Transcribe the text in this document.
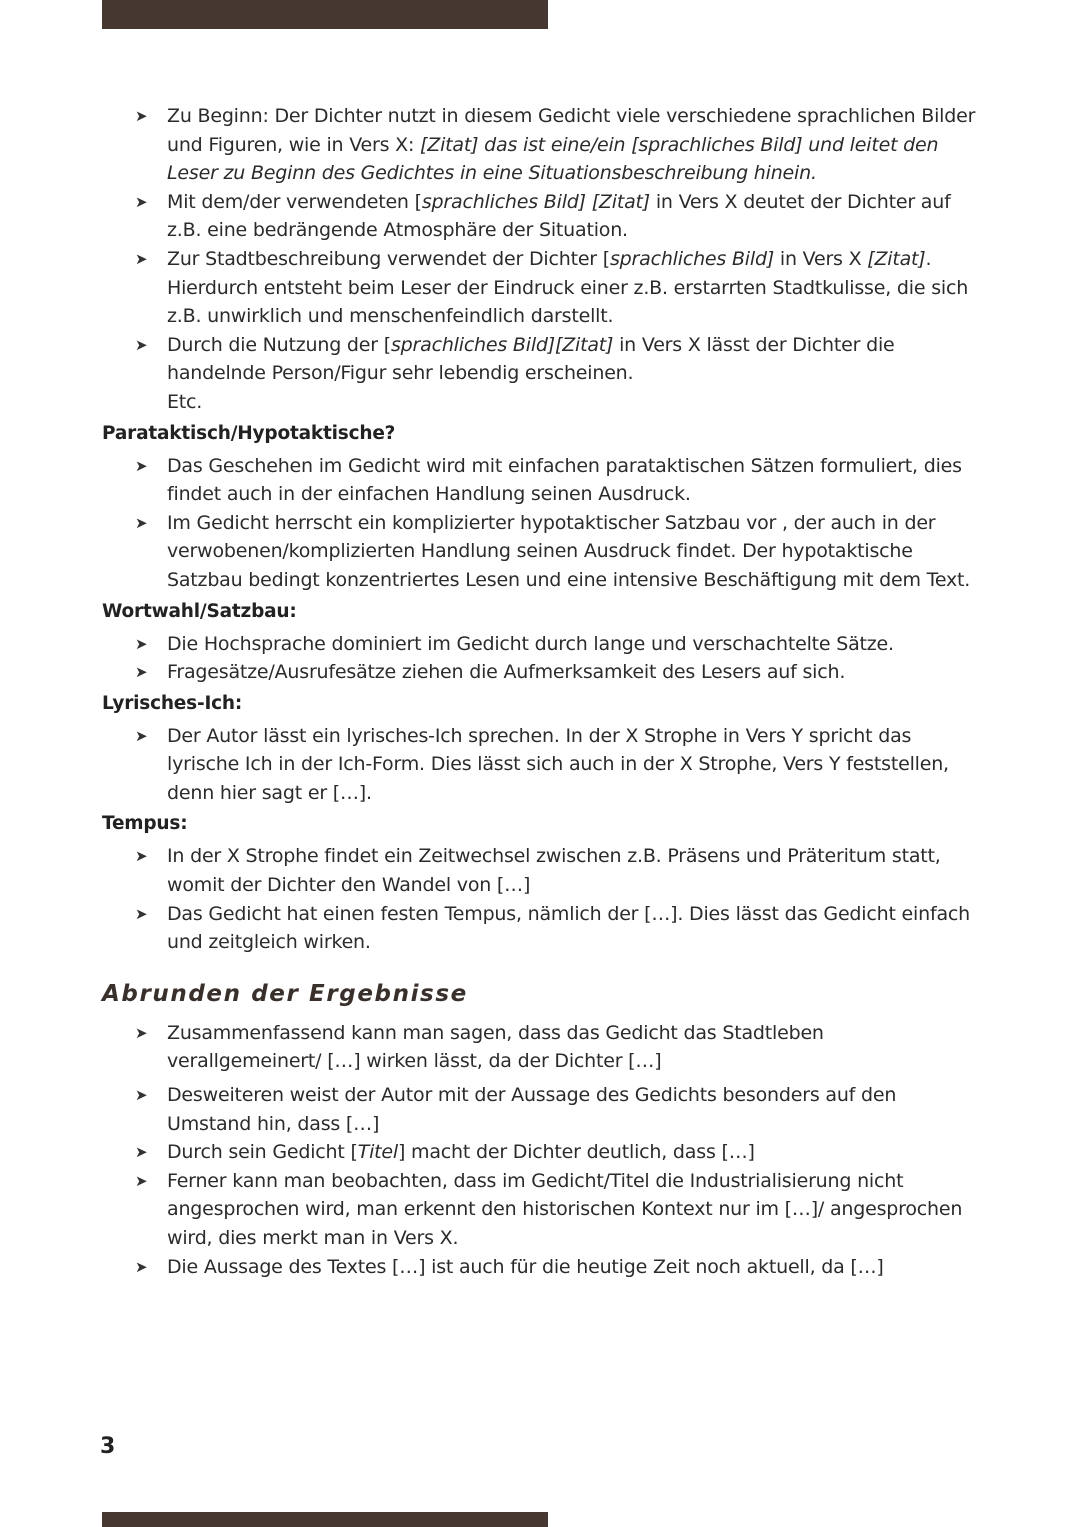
➤ Zu Beginn: Der Dichter nutzt in diesem Gedicht viele verschiedene sprachlichen Bilder und Figuren, wie in Vers X: [Zitat] das ist eine/ein [sprachliches Bild] und leitet den Leser zu Beginn des Gedichtes in eine Situationsbeschreibung hinein.
➤ Mit dem/der verwendeten [sprachliches Bild] [Zitat] in Vers X deutet der Dichter auf z.B. eine bedrängende Atmosphäre der Situation.
➤ Zur Stadtbeschreibung verwendet der Dichter [sprachliches Bild] in Vers X [Zitat]. Hierdurch entsteht beim Leser der Eindruck einer z.B. erstarrten Stadtkulisse, die sich z.B. unwirklich und menschenfeindlich darstellt.
➤ Durch die Nutzung der [sprachliches Bild][Zitat] in Vers X lässt der Dichter die handelnde Person/Figur sehr lebendig erscheinen.
Etc.
Parataktisch/Hypotaktische?
➤ Das Geschehen im Gedicht wird mit einfachen parataktischen Sätzen formuliert, dies findet auch in der einfachen Handlung seinen Ausdruck.
➤ Im Gedicht herrscht ein komplizierter hypotaktischer Satzbau vor , der auch in der verwobenen/komplizierten Handlung seinen Ausdruck findet. Der hypotaktische Satzbau bedingt konzentriertes Lesen und eine intensive Beschäftigung mit dem Text.
Wortwahl/Satzbau:
➤ Die Hochsprache dominiert im Gedicht durch lange und verschachtelte Sätze.
➤ Fragesätze/Ausrufesätze ziehen die Aufmerksamkeit des Lesers auf sich.
Lyrisches-Ich:
➤ Der Autor lässt ein lyrisches-Ich sprechen. In der X Strophe in Vers Y spricht das lyrische Ich in der Ich-Form. Dies lässt sich auch in der X Strophe, Vers Y feststellen, denn hier sagt er […].
Tempus:
➤ In der X Strophe findet ein Zeitwechsel zwischen z.B. Präsens und Präteritum statt, womit der Dichter den Wandel von […]
➤ Das Gedicht hat einen festen Tempus, nämlich der […]. Dies lässt das Gedicht einfach und zeitgleich wirken.
Abrunden der Ergebnisse
➤ Zusammenfassend kann man sagen, dass das Gedicht das Stadtleben verallgemeinert/ […] wirken lässt, da der Dichter […]
➤ Desweiteren weist der Autor mit der Aussage des Gedichts besonders auf den Umstand hin, dass […]
➤ Durch sein Gedicht [Titel] macht der Dichter deutlich, dass […]
➤ Ferner kann man beobachten, dass im Gedicht/Titel die Industrialisierung nicht angesprochen wird, man erkennt den historischen Kontext nur im […]/ angesprochen wird, dies merkt man in Vers X.
➤ Die Aussage des Textes […] ist auch für die heutige Zeit noch aktuell, da […]
3
